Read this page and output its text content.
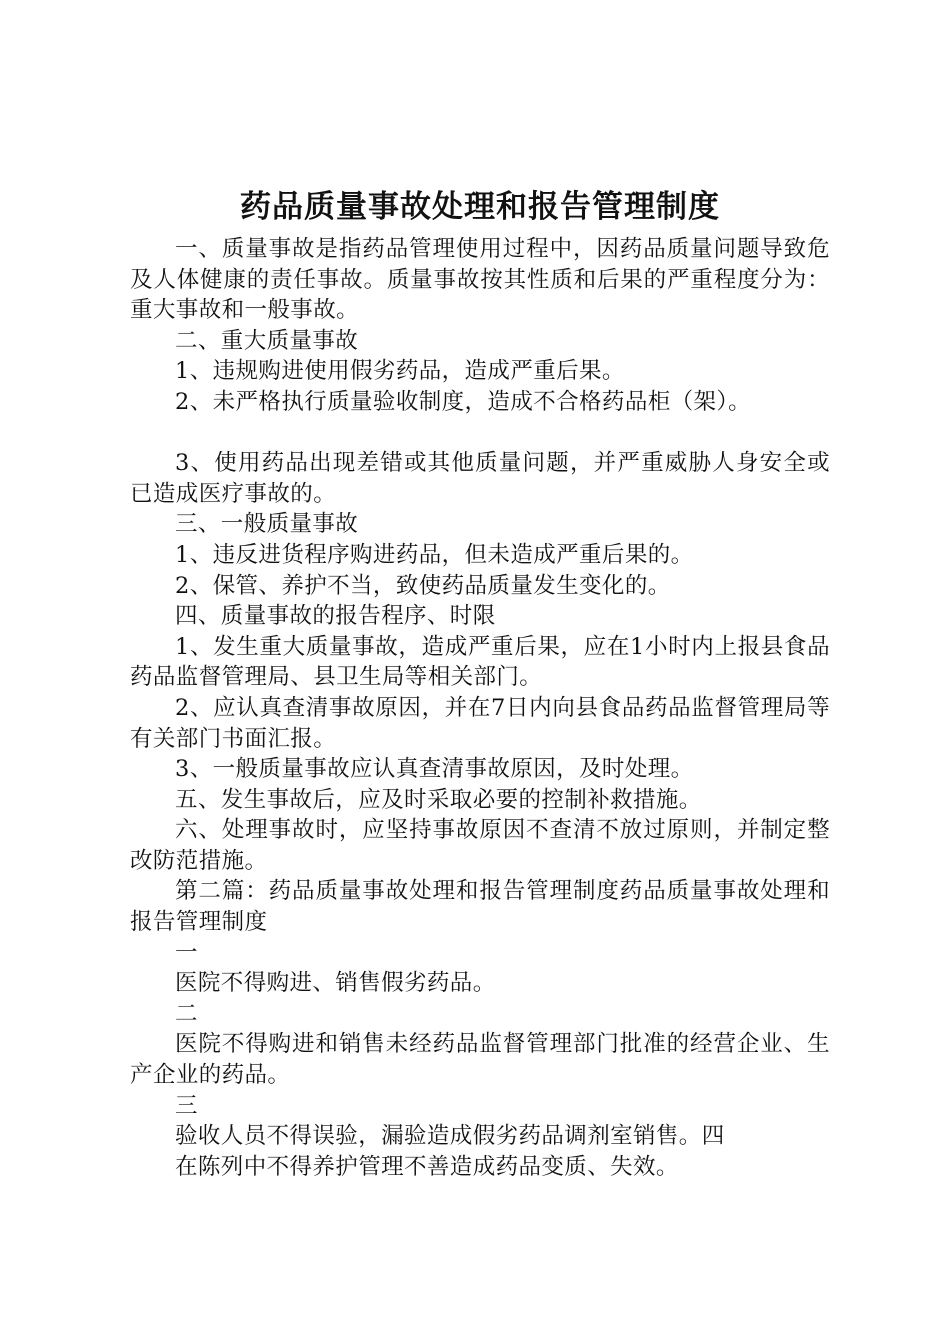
药品质量事故处理和报告管理制度

一、质量事故是指药品管理使用过程中，因药品质量问题导致危及人体健康的责任事故。质量事故按其性质和后果的严重程度分为：重大事故和一般事故。

二、重大质量事故

1、违规购进使用假劣药品，造成严重后果。

2、未严格执行质量验收制度，造成不合格药品柜（架）。

3、使用药品出现差错或其他质量问题，并严重威胁人身安全或已造成医疗事故的。

三、一般质量事故

1、违反进货程序购进药品，但未造成严重后果的。

2、保管、养护不当，致使药品质量发生变化的。

四、质量事故的报告程序、时限

1、发生重大质量事故，造成严重后果，应在1小时内上报县食品药品监督管理局、县卫生局等相关部门。

2、应认真查清事故原因，并在7日内向县食品药品监督管理局等有关部门书面汇报。

3、一般质量事故应认真查清事故原因，及时处理。

五、发生事故后，应及时采取必要的控制补救措施。

六、处理事故时，应坚持事故原因不查清不放过原则，并制定整改防范措施。

第二篇：药品质量事故处理和报告管理制度药品质量事故处理和报告管理制度

一

医院不得购进、销售假劣药品。

二

医院不得购进和销售未经药品监督管理部门批准的经营企业、生产企业的药品。

三

验收人员不得误验，漏验造成假劣药品调剂室销售。四

在陈列中不得养护管理不善造成药品变质、失效。
